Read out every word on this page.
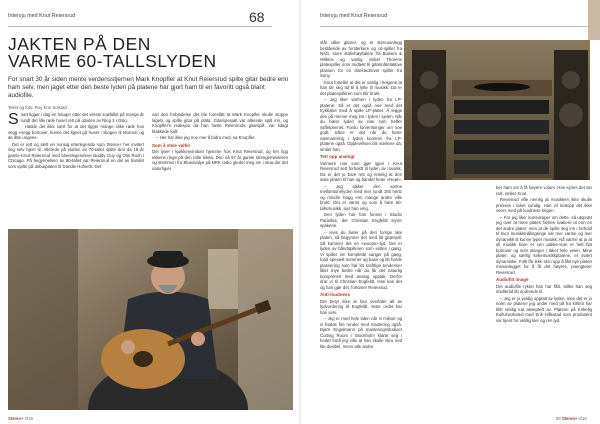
Intervju med Knut Reiersrud	68
JAKTEN PÅ DEN
VARME 60-TALLSLYDEN
For snart 30 år siden mente verdensstjernen Mark Knopfler at Knut Reiersrud spilte gitar bedre enn ham selv, men jaget etter den beste lyden på platene har gjort ham til en favoritt også blant audiofile.
Tekst og foto: Roy Erin Solstad

Snart ligger i dag en hauger etter det verste snøfallet på mange år rundt det lille røde huset rett på utsiden av Ring 3 i Oslo.

Hadde det ikke vært for at det ligger mange slike røde hus vegg-i-vegg bortover, kunne det lignet på huset i skogen til Mormor og de åtte ungene.

Det er rett og slett en nonsig etterlegende som Stereo+ her invitert seg selv hjem til. Allerede på slutten av 70-tallet spilte den da 18 år gamle Knut Reiersrud med blueslegendene Buddy Guy og Otis Rush i Chicago. På begynnelsen av 90-tallet var Reiersrud en del av bandet som spilte på debutplaten til Dandie Hofseth. Det

vari den forbindelse det ble foreslått at Mark Knopfler skulle stoppe lagets og spille gitar på plata. Gitarspesialt var allerede spilt inn, og Knopfler's reaksjon da han hørte Reiersruds gitarspill, var lidagt blakkede kalt:

– Her har ikke jeg noe mer å bidra med, sa Knopfler.

Som å stele valfer

Det lyser i kjøkkenvinduet hjemme hos Knut Reiersrud, og her ligg ekkene ringe på den rolle bileta. Den nå 57 år gamle strengemesteren og stemmen fra Bluesvalye på NRK radio gledet meg inn i stua der det naturligvis

Stereo+ 2/18
Intervju med Knut Reiersrud

står ulike gitarer, og et stereoanlegg bestående av forsterkere og cd-spiller fra NAD, store stativhøyttalere fra Bowers & Wilkins og vanlig vinkel Thorens platespiller som midtekt til gitarmåtetaktive plassen for en direktedrevet spiller fra Sony.

Knut forteller at det er sanlig i helgene at han tar seg tid til å lytte til musikk. Da er det platespilleren som blir brukt.

– Jeg liker varmen i lyden fra LP-platene. Så er det også noe med det trykksike med å spille LP-plater. Å legge den på rimmer meg inn i lyden i sjelen. Når du hører lyden av nøs som treffer vaffelpennet. Fordu forventninger om noe godt. Såne er det når du hører nøsmutering i lyden kommer fra LP-platene også. Opplevelsen blir sterkere da, smiler han.

Tett opp analogt

Varmere noe som gjør igjen i Knut Reiersrud sett forholdt til lyden av musikk. Da er det jo bare rett og rimelig at den siste platen til han og bandet heter «Heat».

– Jeg sikker den varme mellomtonelyden med mer rundt 150 hertz og mindre bagg enn mange andre ville brukt. Det er varmt og som å høre 60-tallsmusikk, sier han ivrig.

Den lyden har han funnet i Studio Paradise, der Christian Engfeldt styrer spakene.

– Hvis du hører på den forrige late platen, så begynner det med litt gitarspill. Så kommer det en «woops»-lyd. Det er lyden av båndspilleren som settes i gang. Vi spiller inn komplette sanger på gang, fordi spesielt trommer og bass og litt harde plassering som har litt krafttige tendenser låter mye bedre når du får det naturlig komprimert med analog opptak. Derfor drar vi til Christian Engfeldt. Han kan det og han gjør det, forklarer Reiersrud.

Anti-loudness

Det betyr ikke at han overlater alt av lydvurdering til Engfeldt. Siste ordet har han selv.

– Jeg er med hele tiden når vi mikser og vi fradde fire runder med mastering også. Bjørn Engelmann på masteringsstudioet Cutting Room i Stockholm klarte seg i hodet fordi jeg ville at han skulle skru ned lite desibel, mens alle andre

ber ham om å få høyere volum. Han synes det var rart, smiler Knut.

Reiersrud ville nemlig at musikken ikke skulle presses i taket sundig. Han vil nettopp det ikke veers med på loudness-krigen.

– For jeg liker kunsvkaper om dette, så utspræt jeg over at mine platen hørtes svakere ut enn en del andre plater, men at de spilte seg inn i forhold til hvor musikkmålingenge var mer varme og mer dynamikk til kunne typer musikk. Nå varme at ja at all musikk bare er ven pakke-som er helt flat bortover og som stanger i taket hele veien. Mine plater, og særlig kirkemusikkplatene, er svært dynamiske. Folk får ikke skru opp å fått nye platen mesanlegget for å få det høyere, poengterer Reiersrud.

Audiofilt image

Det audiofile ryktet han har fått, stiller han seg imidlertid litt undrende til.

– Jeg er jo veldig opptatt av lyden, men det er jo noen av platene jeg under med på fra kirken har blitt veldig kat akseptert av. Platene på Kirkelig Kulturverksted med Erik Hillestad som produsent var kjent for veldig kler og ren lyd.

69 Stereo+ 2/18
